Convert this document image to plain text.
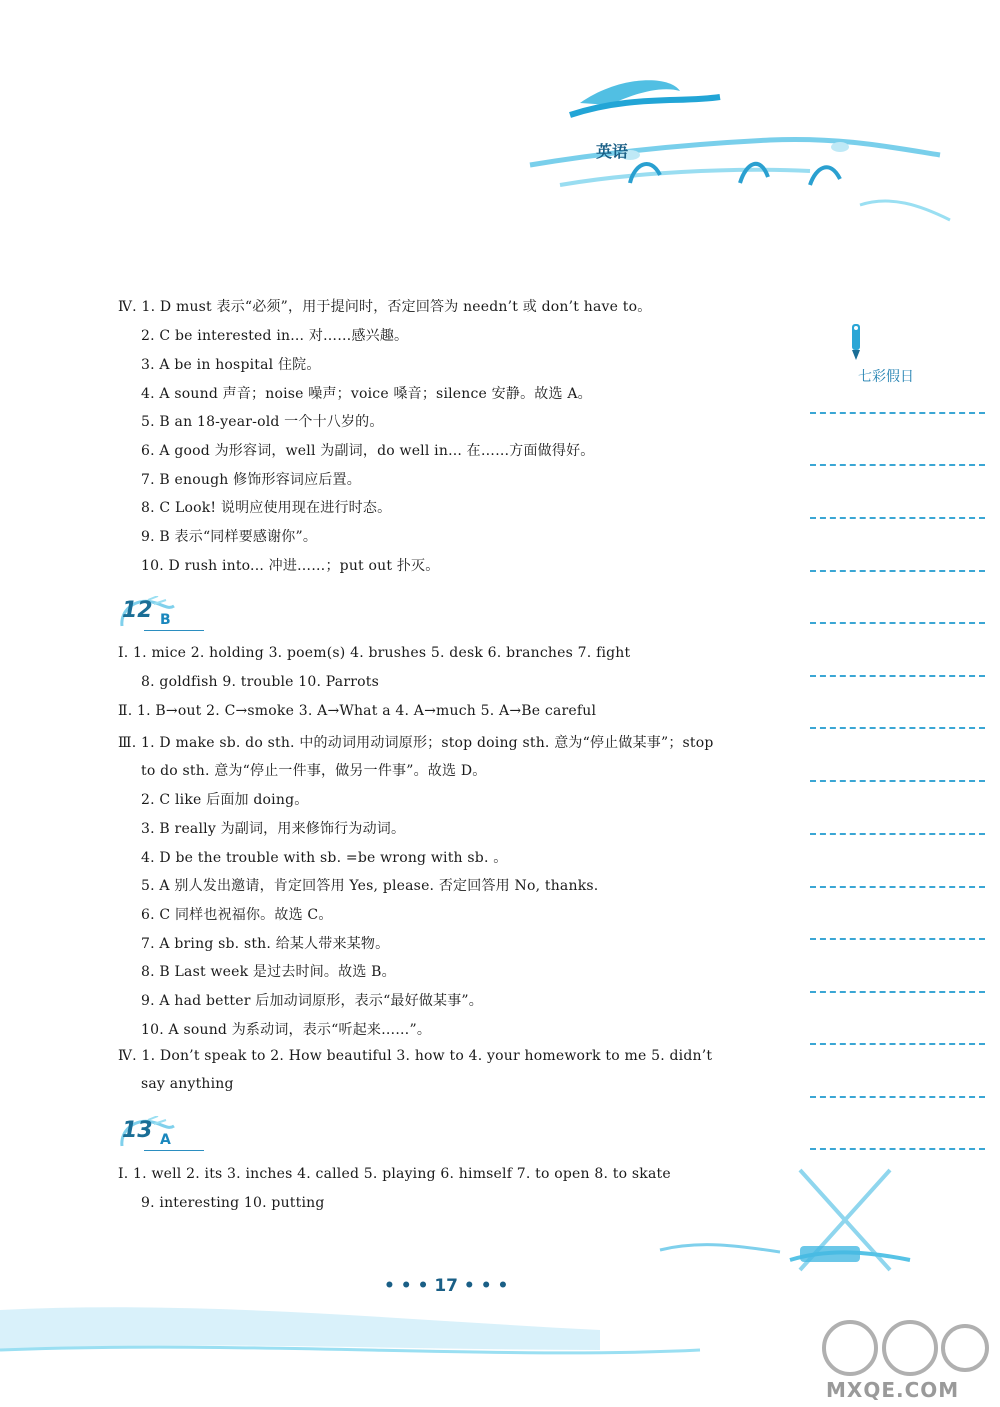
英语
七彩假日
Ⅳ. 1. D must 表示“必须”，用于提问时，否定回答为 needn’t 或 don’t have to。
2. C be interested in... 对……感兴趣。
3. A be in hospital 住院。
4. A sound 声音；noise 噪声；voice 嗓音；silence 安静。故选 A。
5. B an 18-year-old 一个十八岁的。
6. A good 为形容词，well 为副词，do well in... 在……方面做得好。
7. B enough 修饰形容词应后置。
8. C Look! 说明应使用现在进行时态。
9. B 表示“同样要感谢你”。
10. D rush into... 冲进……；put out 扑灭。
12 B
Ⅰ. 1. mice 2. holding 3. poem(s) 4. brushes 5. desk 6. branches 7. fight
8. goldfish 9. trouble 10. Parrots
Ⅱ. 1. B→out 2. C→smoke 3. A→What a 4. A→much 5. A→Be careful
Ⅲ. 1. D make sb. do sth. 中的动词用动词原形；stop doing sth. 意为“停止做某事”；stop
to do sth. 意为“停止一件事，做另一件事”。故选 D。
2. C like 后面加 doing。
3. B really 为副词，用来修饰行为动词。
4. D be the trouble with sb. =be wrong with sb. 。
5. A 别人发出邀请，肯定回答用 Yes, please. 否定回答用 No, thanks.
6. C 同样也祝福你。故选 C。
7. A bring sb. sth. 给某人带来某物。
8. B Last week 是过去时间。故选 B。
9. A had better 后加动词原形，表示“最好做某事”。
10. A sound 为系动词，表示“听起来……”。
Ⅳ. 1. Don’t speak to 2. How beautiful 3. how to 4. your homework to me 5. didn’t
say anything
13 A
Ⅰ. 1. well 2. its 3. inches 4. called 5. playing 6. himself 7. to open 8. to skate
9. interesting 10. putting
• • • 17 • • •
MXQE.COM
